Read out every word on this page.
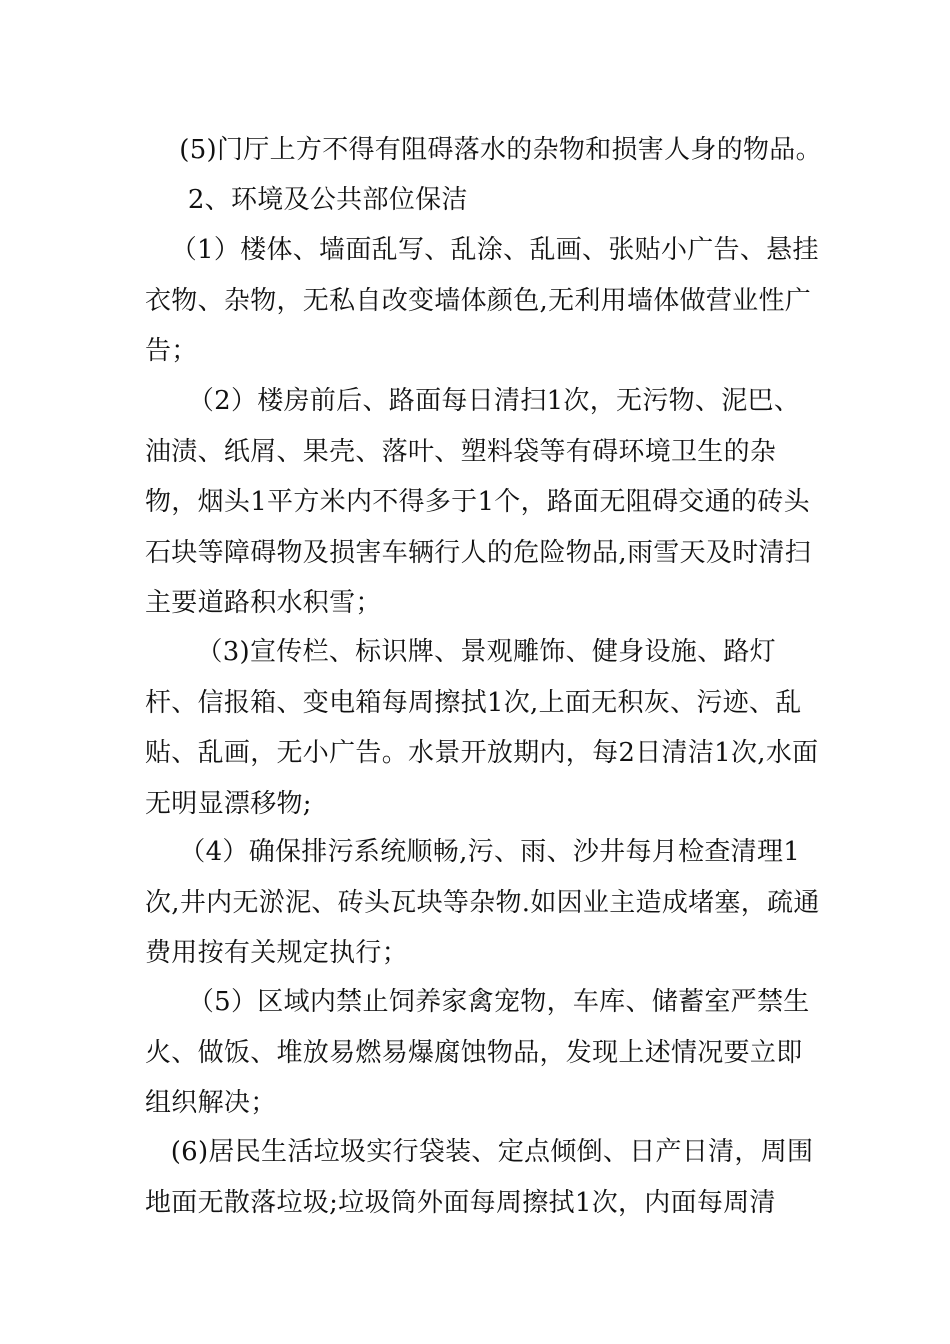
(5)门厅上方不得有阻碍落水的杂物和损害人身的物品。

2、环境及公共部位保洁

（1）楼体、墙面乱写、乱涂、乱画、张贴小广告、悬挂衣物、杂物，无私自改变墙体颜色,无利用墙体做营业性广告；

（2）楼房前后、路面每日清扫1次，无污物、泥巴、油渍、纸屑、果壳、落叶、塑料袋等有碍环境卫生的杂物，烟头1平方米内不得多于1个，路面无阻碍交通的砖头石块等障碍物及损害车辆行人的危险物品,雨雪天及时清扫主要道路积水积雪；

（3)宣传栏、标识牌、景观雕饰、健身设施、路灯杆、信报箱、变电箱每周擦拭1次,上面无积灰、污迹、乱贴、乱画，无小广告。水景开放期内，每2日清洁1次,水面无明显漂移物;

（4）确保排污系统顺畅,污、雨、沙井每月检查清理1次,井内无淤泥、砖头瓦块等杂物.如因业主造成堵塞，疏通费用按有关规定执行；

（5）区域内禁止饲养家禽宠物，车库、储蓄室严禁生火、做饭、堆放易燃易爆腐蚀物品，发现上述情况要立即组织解决；

(6)居民生活垃圾实行袋装、定点倾倒、日产日清，周围地面无散落垃圾;垃圾筒外面每周擦拭1次，内面每周清
